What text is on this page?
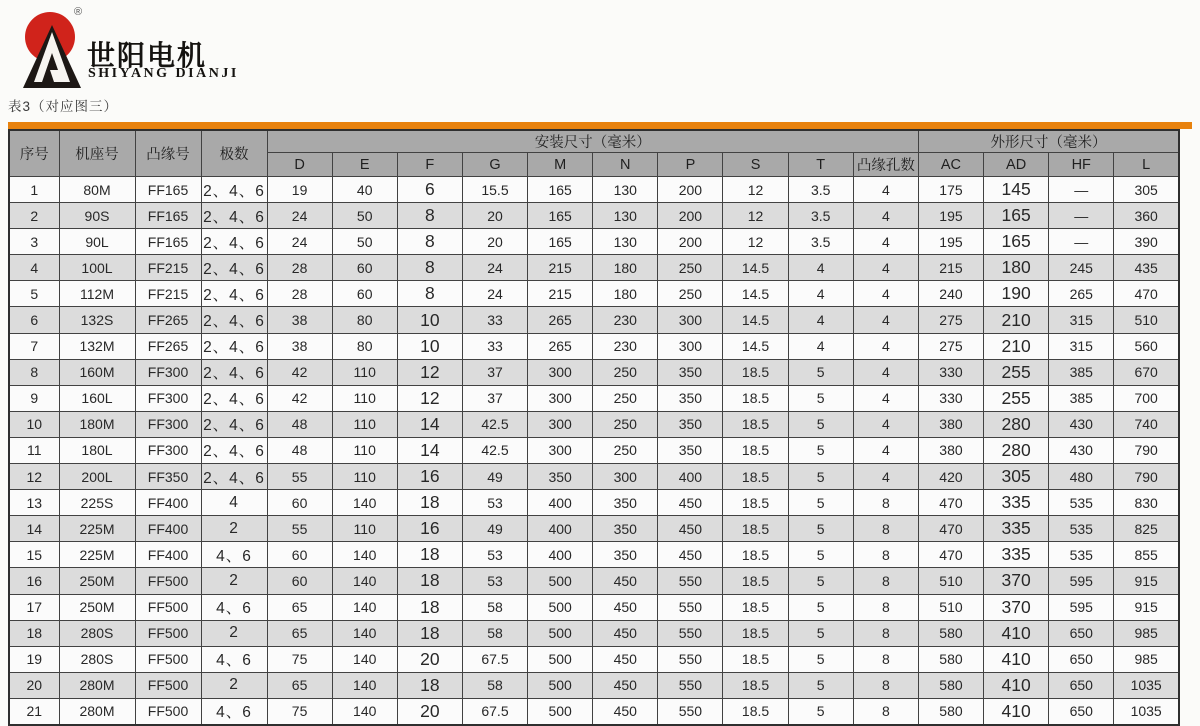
®
世阳电机
SHIYANG DIANJI
表3（对应图三）
序号	机座号	凸缘号	极数	安装尺寸（毫米）										外形尺寸（毫米）			
				D	E	F	G	M	N	P	S	T	凸缘孔数	AC	AD	HF	L
1	80M	FF165	2、4、6	19	40	6	15.5	165	130	200	12	3.5	4	175	145	—	305
2	90S	FF165	2、4、6	24	50	8	20	165	130	200	12	3.5	4	195	165	—	360
3	90L	FF165	2、4、6	24	50	8	20	165	130	200	12	3.5	4	195	165	—	390
4	100L	FF215	2、4、6	28	60	8	24	215	180	250	14.5	4	4	215	180	245	435
5	112M	FF215	2、4、6	28	60	8	24	215	180	250	14.5	4	4	240	190	265	470
6	132S	FF265	2、4、6	38	80	10	33	265	230	300	14.5	4	4	275	210	315	510
7	132M	FF265	2、4、6	38	80	10	33	265	230	300	14.5	4	4	275	210	315	560
8	160M	FF300	2、4、6	42	110	12	37	300	250	350	18.5	5	4	330	255	385	670
9	160L	FF300	2、4、6	42	110	12	37	300	250	350	18.5	5	4	330	255	385	700
10	180M	FF300	2、4、6	48	110	14	42.5	300	250	350	18.5	5	4	380	280	430	740
11	180L	FF300	2、4、6	48	110	14	42.5	300	250	350	18.5	5	4	380	280	430	790
12	200L	FF350	2、4、6	55	110	16	49	350	300	400	18.5	5	4	420	305	480	790
13	225S	FF400	4	60	140	18	53	400	350	450	18.5	5	8	470	335	535	830
14	225M	FF400	2	55	110	16	49	400	350	450	18.5	5	8	470	335	535	825
15	225M	FF400	4、6	60	140	18	53	400	350	450	18.5	5	8	470	335	535	855
16	250M	FF500	2	60	140	18	53	500	450	550	18.5	5	8	510	370	595	915
17	250M	FF500	4、6	65	140	18	58	500	450	550	18.5	5	8	510	370	595	915
18	280S	FF500	2	65	140	18	58	500	450	550	18.5	5	8	580	410	650	985
19	280S	FF500	4、6	75	140	20	67.5	500	450	550	18.5	5	8	580	410	650	985
20	280M	FF500	2	65	140	18	58	500	450	550	18.5	5	8	580	410	650	1035
21	280M	FF500	4、6	75	140	20	67.5	500	450	550	18.5	5	8	580	410	650	1035
